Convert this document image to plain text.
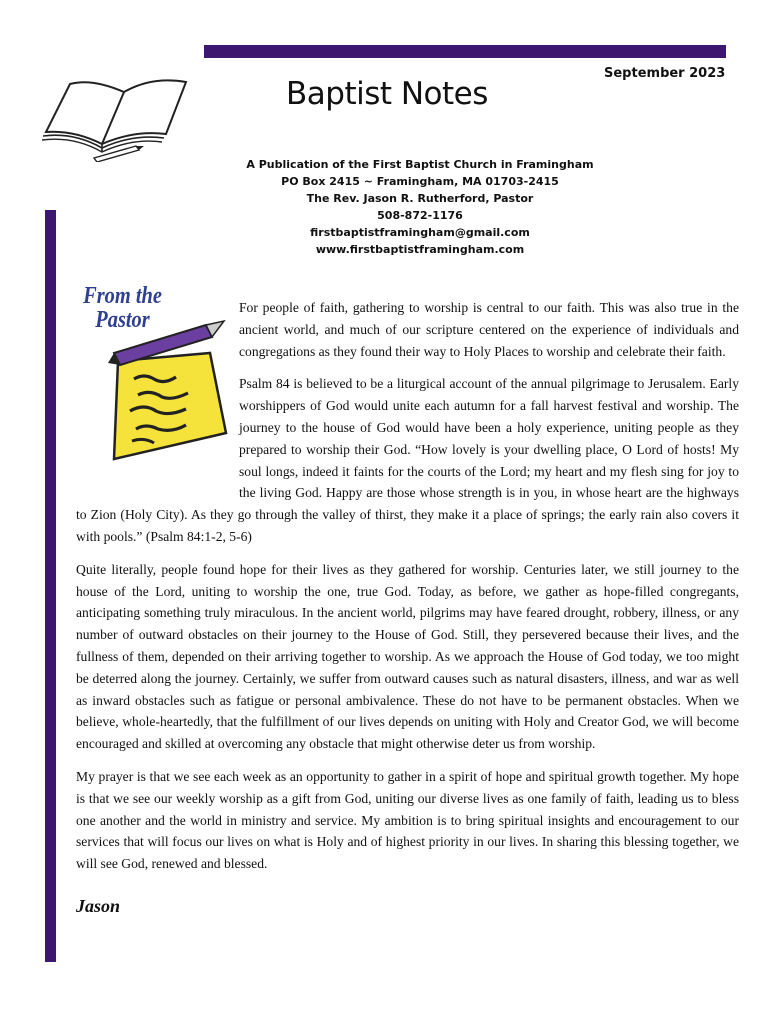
Baptist Notes
September 2023
A Publication of the First Baptist Church in Framingham
PO Box 2415 ~ Framingham, MA 01703-2415
The Rev. Jason R. Rutherford, Pastor
508-872-1176
firstbaptistframingham@gmail.com
www.firstbaptistframingham.com
From the
Pastor	For people of faith, gathering to worship is central to our faith. This was also true in the ancient world, and much of our scripture centered on the experience of individuals and congregations as they found their way to Holy Places to worship and celebrate their faith.

Psalm 84 is believed to be a liturgical account of the annual pilgrimage to Jerusalem. Early worshippers of God would unite each autumn for a fall harvest festival and worship. The journey to the house of God would have been a holy experience, uniting people as they prepared to worship their God. “How lovely is your dwelling place, O Lord of hosts! My soul longs, indeed it faints for the courts of the Lord; my heart and my flesh sing for joy to the living God. Happy are those whose strength is in you, in whose heart are the highways to Zion (Holy City). As they go through the valley of thirst, they make it a place of springs; the early rain also covers it with pools.” (Psalm 84:1-2, 5-6)

Quite literally, people found hope for their lives as they gathered for worship. Centuries later, we still journey to the house of the Lord, uniting to worship the one, true God. Today, as before, we gather as hope-filled congregants, anticipating something truly miraculous. In the ancient world, pilgrims may have feared drought, robbery, illness, or any number of outward obstacles on their journey to the House of God. Still, they persevered because their lives, and the fullness of them, depended on their arriving together to worship. As we approach the House of God today, we too might be deterred along the journey. Certainly, we suffer from outward causes such as natural disasters, illness, and war as well as inward obstacles such as fatigue or personal ambivalence. These do not have to be permanent obstacles. When we believe, whole-heartedly, that the fulfillment of our lives depends on uniting with Holy and Creator God, we will become encouraged and skilled at overcoming any obstacle that might otherwise deter us from worship.

My prayer is that we see each week as an opportunity to gather in a spirit of hope and spiritual growth together. My hope is that we see our weekly worship as a gift from God, uniting our diverse lives as one family of faith, leading us to bless one another and the world in ministry and service. My ambition is to bring spiritual insights and encouragement to our services that will focus our lives on what is Holy and of highest priority in our lives. In sharing this blessing together, we will see God, renewed and blessed.

Jason
